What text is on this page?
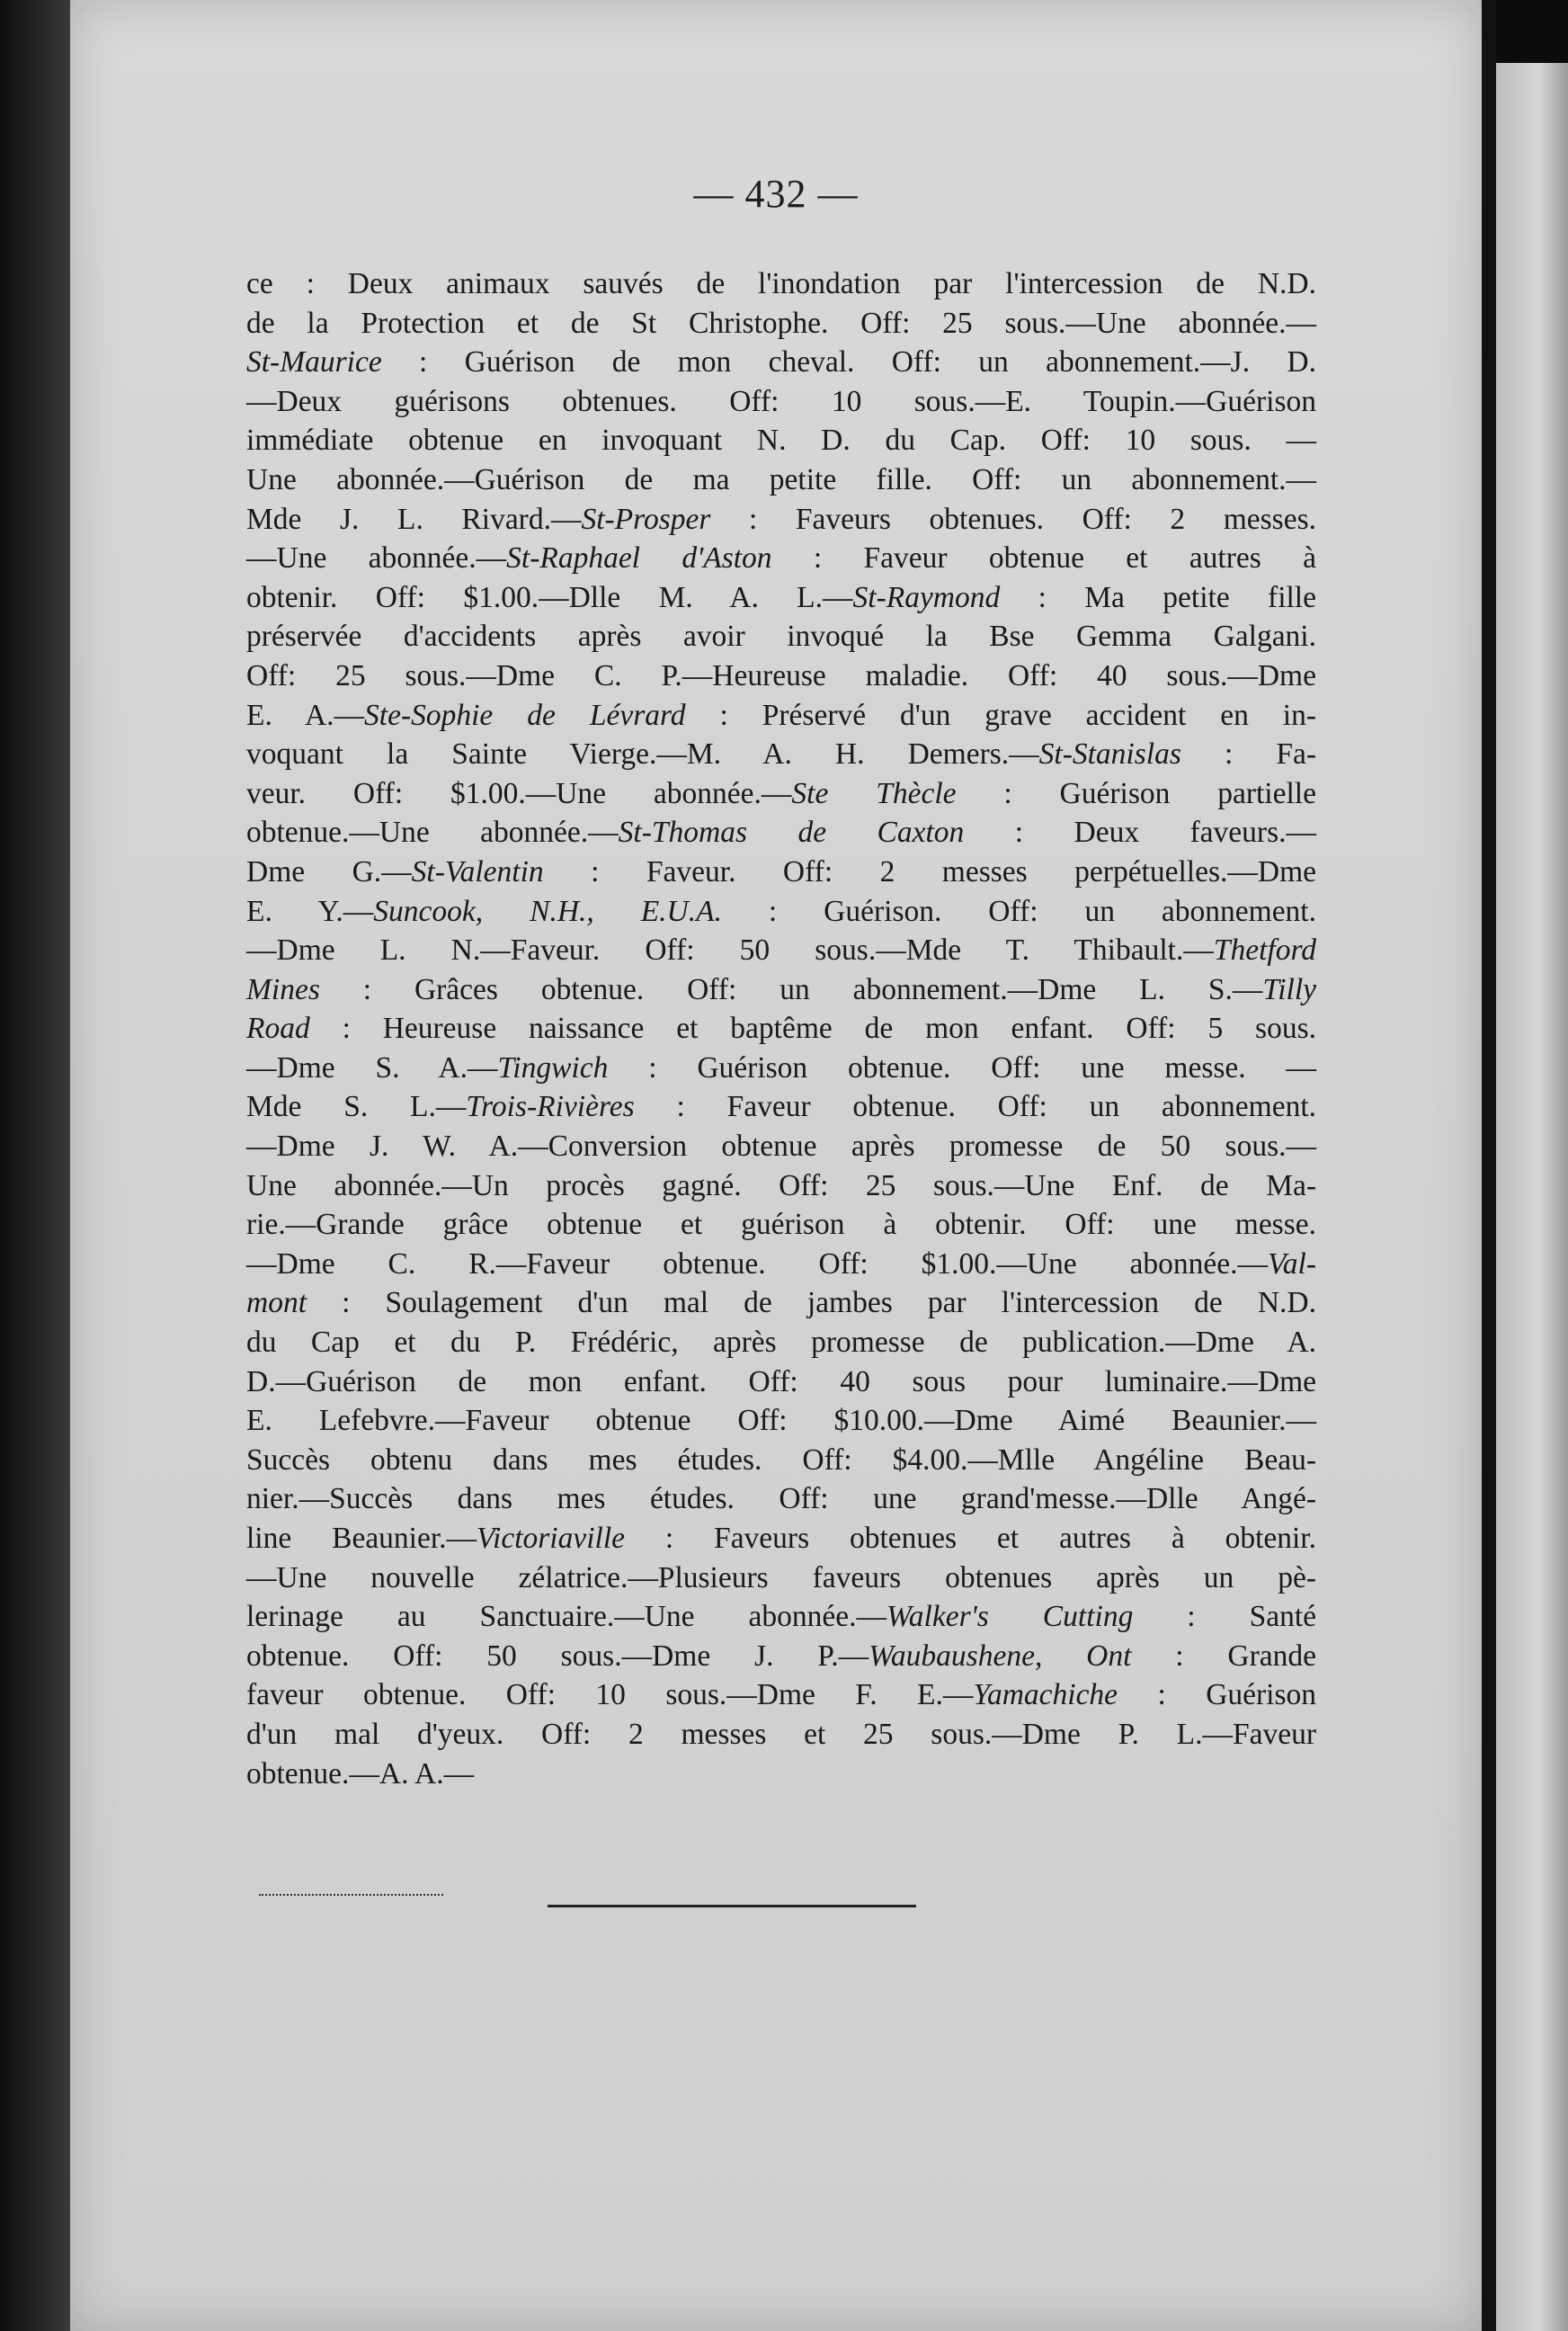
— 432 —
ce : Deux animaux sauvés de l'inondation par l'intercession de N.D.
de la Protection et de St Christophe. Off: 25 sous.—Une abonnée.—
St-Maurice : Guérison de mon cheval. Off: un abonnement.—J. D.
—Deux guérisons obtenues. Off: 10 sous.—E. Toupin.—Guérison
immédiate obtenue en invoquant N. D. du Cap. Off: 10 sous. —
Une abonnée.—Guérison de ma petite fille. Off: un abonnement.—
Mde J. L. Rivard.—St-Prosper : Faveurs obtenues. Off: 2 messes.
—Une abonnée.—St-Raphael d'Aston : Faveur obtenue et autres à
obtenir. Off: $1.00.—Dlle M. A. L.—St-Raymond : Ma petite fille
préservée d'accidents après avoir invoqué la Bse Gemma Galgani.
Off: 25 sous.—Dme C. P.—Heureuse maladie. Off: 40 sous.—Dme
E. A.—Ste-Sophie de Lévrard : Préservé d'un grave accident en in-
voquant la Sainte Vierge.—M. A. H. Demers.—St-Stanislas : Fa-
veur. Off: $1.00.—Une abonnée.—Ste Thècle : Guérison partielle
obtenue.—Une abonnée.—St-Thomas de Caxton : Deux faveurs.—
Dme G.—St-Valentin : Faveur. Off: 2 messes perpétuelles.—Dme
E. Y.—Suncook, N.H., E.U.A. : Guérison. Off: un abonnement.
—Dme L. N.—Faveur. Off: 50 sous.—Mde T. Thibault.—Thetford
Mines : Grâces obtenue. Off: un abonnement.—Dme L. S.—Tilly
Road : Heureuse naissance et baptême de mon enfant. Off: 5 sous.
—Dme S. A.—Tingwich : Guérison obtenue. Off: une messe. —
Mde S. L.—Trois-Rivières : Faveur obtenue. Off: un abonnement.
—Dme J. W. A.—Conversion obtenue après promesse de 50 sous.—
Une abonnée.—Un procès gagné. Off: 25 sous.—Une Enf. de Ma-
rie.—Grande grâce obtenue et guérison à obtenir. Off: une messe.
—Dme C. R.—Faveur obtenue. Off: $1.00.—Une abonnée.—Val-
mont : Soulagement d'un mal de jambes par l'intercession de N.D.
du Cap et du P. Frédéric, après promesse de publication.—Dme A.
D.—Guérison de mon enfant. Off: 40 sous pour luminaire.—Dme
E. Lefebvre.—Faveur obtenue Off: $10.00.—Dme Aimé Beaunier.—
Succès obtenu dans mes études. Off: $4.00.—Mlle Angéline Beau-
nier.—Succès dans mes études. Off: une grand'messe.—Dlle Angé-
line Beaunier.—Victoriaville : Faveurs obtenues et autres à obtenir.
—Une nouvelle zélatrice.—Plusieurs faveurs obtenues après un pè-
lerinage au Sanctuaire.—Une abonnée.—Walker's Cutting : Santé
obtenue. Off: 50 sous.—Dme J. P.—Waubaushene, Ont : Grande
faveur obtenue. Off: 10 sous.—Dme F. E.—Yamachiche : Guérison
d'un mal d'yeux. Off: 2 messes et 25 sous.—Dme P. L.—Faveur
obtenue.—A. A.—
